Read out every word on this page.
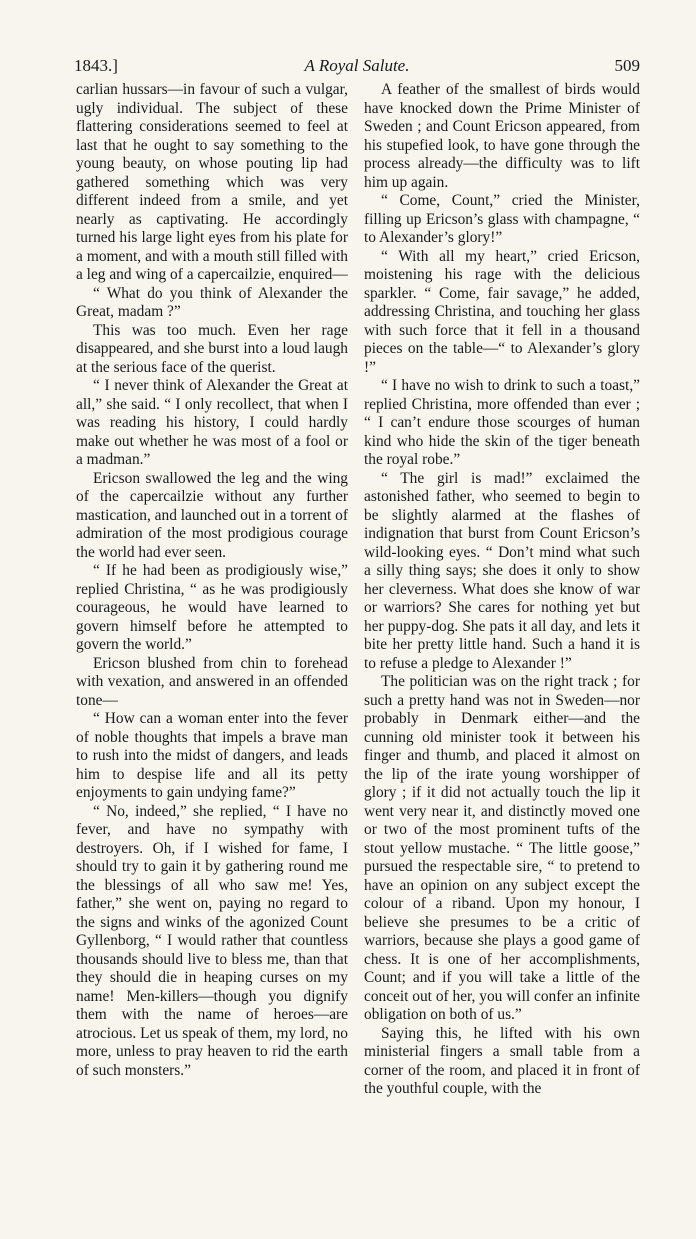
1843.]	A Royal Salute.	509

carlian hussars—in favour of such a vulgar, ugly individual. The subject of these flattering considerations seemed to feel at last that he ought to say something to the young beauty, on whose pouting lip had gathered something which was very different indeed from a smile, and yet nearly as captivating. He accordingly turned his large light eyes from his plate for a moment, and with a mouth still filled with a leg and wing of a capercailzie, enquired—

“ What do you think of Alexander the Great, madam ?”

This was too much. Even her rage disappeared, and she burst into a loud laugh at the serious face of the querist.

“ I never think of Alexander the Great at all,” she said. “ I only recollect, that when I was reading his history, I could hardly make out whether he was most of a fool or a madman.”

Ericson swallowed the leg and the wing of the capercailzie without any further mastication, and launched out in a torrent of admiration of the most prodigious courage the world had ever seen.

“ If he had been as prodigiously wise,” replied Christina, “ as he was prodigiously courageous, he would have learned to govern himself before he attempted to govern the world.”

Ericson blushed from chin to forehead with vexation, and answered in an offended tone—

“ How can a woman enter into the fever of noble thoughts that impels a brave man to rush into the midst of dangers, and leads him to despise life and all its petty enjoyments to gain undying fame?”

“ No, indeed,” she replied, “ I have no fever, and have no sympathy with destroyers. Oh, if I wished for fame, I should try to gain it by gathering round me the blessings of all who saw me! Yes, father,” she went on, paying no regard to the signs and winks of the agonized Count Gyllenborg, “ I would rather that countless thousands should live to bless me, than that they should die in heaping curses on my name! Men-killers—though you dignify them with the name of heroes—are atrocious. Let us speak of them, my lord, no more, unless to pray heaven to rid the earth of such monsters.”

A feather of the smallest of birds would have knocked down the Prime Minister of Sweden ; and Count Ericson appeared, from his stupefied look, to have gone through the process already—the difficulty was to lift him up again.

“ Come, Count,” cried the Minister, filling up Ericson’s glass with champagne, “ to Alexander’s glory!”

“ With all my heart,” cried Ericson, moistening his rage with the delicious sparkler. “ Come, fair savage,” he added, addressing Christina, and touching her glass with such force that it fell in a thousand pieces on the table—“ to Alexander’s glory !”

“ I have no wish to drink to such a toast,” replied Christina, more offended than ever ; “ I can’t endure those scourges of human kind who hide the skin of the tiger beneath the royal robe.”

“ The girl is mad!” exclaimed the astonished father, who seemed to begin to be slightly alarmed at the flashes of indignation that burst from Count Ericson’s wild-looking eyes. “ Don’t mind what such a silly thing says; she does it only to show her cleverness. What does she know of war or warriors? She cares for nothing yet but her puppy-dog. She pats it all day, and lets it bite her pretty little hand. Such a hand it is to refuse a pledge to Alexander !”

The politician was on the right track ; for such a pretty hand was not in Sweden—nor probably in Denmark either—and the cunning old minister took it between his finger and thumb, and placed it almost on the lip of the irate young worshipper of glory ; if it did not actually touch the lip it went very near it, and distinctly moved one or two of the most prominent tufts of the stout yellow mustache. “ The little goose,” pursued the respectable sire, “ to pretend to have an opinion on any subject except the colour of a riband. Upon my honour, I believe she presumes to be a critic of warriors, because she plays a good game of chess. It is one of her accomplishments, Count; and if you will take a little of the conceit out of her, you will confer an infinite obligation on both of us.”

Saying this, he lifted with his own ministerial fingers a small table from a corner of the room, and placed it in front of the youthful couple, with the
